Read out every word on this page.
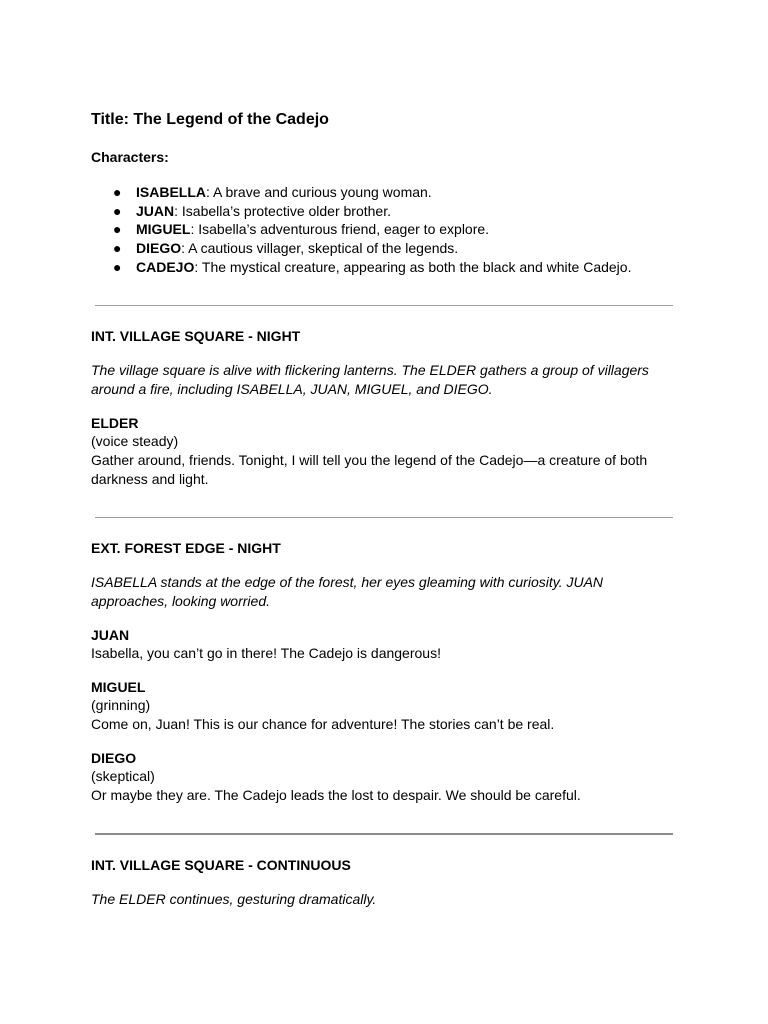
Title: The Legend of the Cadejo
Characters:
● ISABELLA: A brave and curious young woman.
● JUAN: Isabella’s protective older brother.
● MIGUEL: Isabella’s adventurous friend, eager to explore.
● DIEGO: A cautious villager, skeptical of the legends.
● CADEJO: The mystical creature, appearing as both the black and white Cadejo.
INT. VILLAGE SQUARE - NIGHT
The village square is alive with flickering lanterns. The ELDER gathers a group of villagers around a fire, including ISABELLA, JUAN, MIGUEL, and DIEGO.
ELDER
(voice steady)
Gather around, friends. Tonight, I will tell you the legend of the Cadejo—a creature of both darkness and light.
EXT. FOREST EDGE - NIGHT
ISABELLA stands at the edge of the forest, her eyes gleaming with curiosity. JUAN approaches, looking worried.
JUAN
Isabella, you can’t go in there! The Cadejo is dangerous!
MIGUEL
(grinning)
Come on, Juan! This is our chance for adventure! The stories can’t be real.
DIEGO
(skeptical)
Or maybe they are. The Cadejo leads the lost to despair. We should be careful.
INT. VILLAGE SQUARE - CONTINUOUS
The ELDER continues, gesturing dramatically.
